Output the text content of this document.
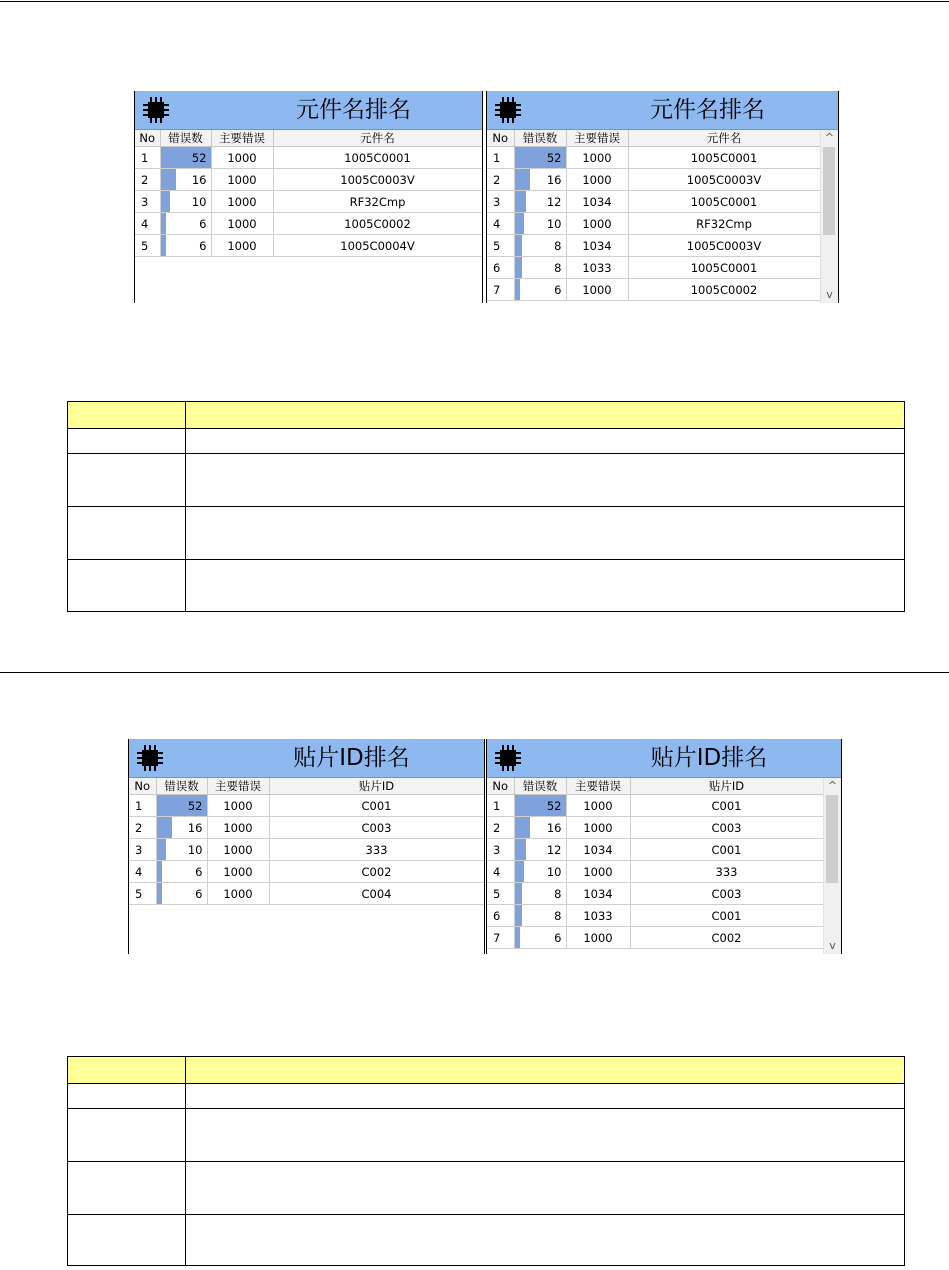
元件名排名
No	错误数	主要错误	元件名
1	52	1000	1005C0001
2	16	1000	1005C0003V
3	10	1000	RF32Cmp
4	6	1000	1005C0002
5	6	1000	1005C0004V
元件名排名
No	错误数	主要错误	元件名
1	52	1000	1005C0001
2	16	1000	1005C0003V
3	12	1034	1005C0001
4	10	1000	RF32Cmp
5	8	1034	1005C0003V
6	8	1033	1005C0001
7	6	1000	1005C0002
^
v

贴片ID排名
No	错误数	主要错误	贴片ID
1	52	1000	C001
2	16	1000	C003
3	10	1000	333
4	6	1000	C002
5	6	1000	C004
贴片ID排名
No	错误数	主要错误	贴片ID
1	52	1000	C001
2	16	1000	C003
3	12	1034	C001
4	10	1000	333
5	8	1034	C003
6	8	1033	C001
7	6	1000	C002
^
v
